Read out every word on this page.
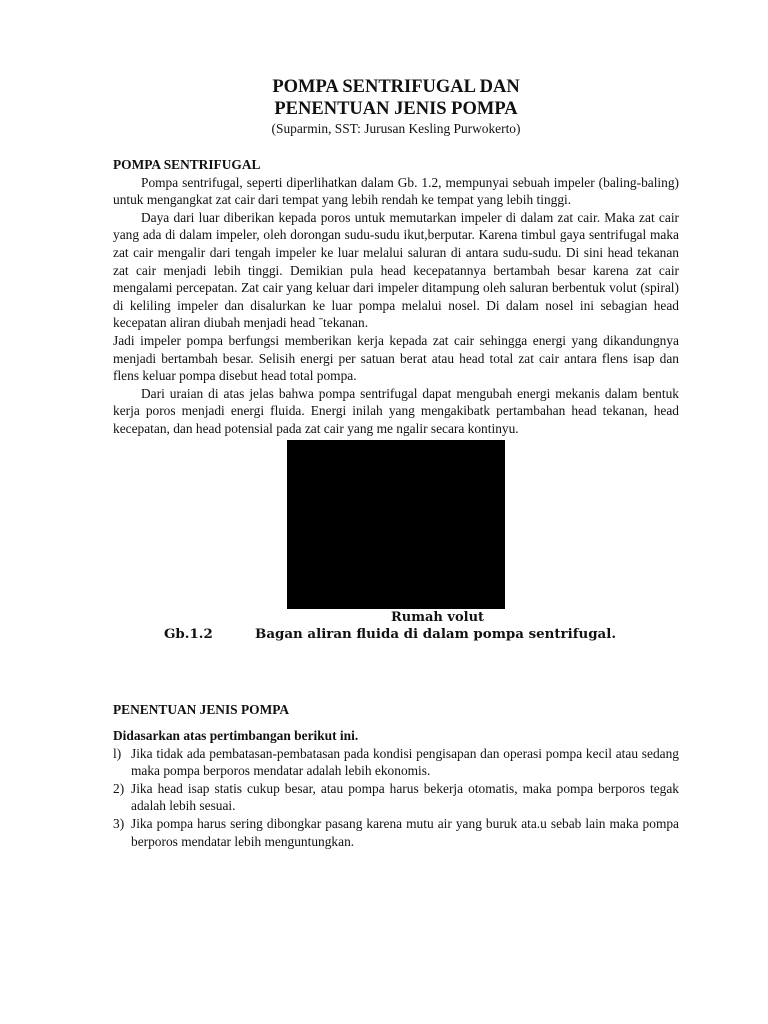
POMPA SENTRIFUGAL DAN
PENENTUAN JENIS POMPA
(Suparmin, SST: Jurusan Kesling Purwokerto)
POMPA SENTRIFUGAL
Pompa sentrifugal, seperti diperlihatkan dalam Gb. 1.2, mempunyai sebuah impeler (baling-baling) untuk mengangkat zat cair dari tempat yang lebih rendah ke tempat yang lebih tinggi.
Daya dari luar diberikan kepada poros untuk memutarkan impeler di dalam zat cair. Maka zat cair yang ada di dalam impeler, oleh dorongan sudu-sudu ikut,berputar. Karena timbul gaya sentrifugal maka zat cair mengalir dari tengah impeler ke luar melalui saluran di antara sudu-sudu. Di sini head tekanan zat cair menjadi lebih tinggi. Demikian pula head kecepatannya bertambah besar karena zat cair mengalami percepatan. Zat cair yang keluar dari impeler ditampung oleh saluran berbentuk volut (spiral) di keliling impeler dan disalurkan ke luar pompa melalui nosel. Di dalam nosel ini sebagian head kecepatan aliran diubah menjadi head ˉtekanan.
Jadi impeler pompa berfungsi memberikan kerja kepada zat cair sehingga energi yang dikandungnya menjadi bertambah besar. Selisih energi per satuan berat atau head total zat cair antara flens isap dan flens keluar pompa disebut head total pompa.
Dari uraian di atas jelas bahwa pompa sentrifugal dapat mengubah energi mekanis dalam bentuk kerja poros menjadi energi fluida. Energi inilah yang mengakibatk pertambahan head tekanan, head kecepatan, dan head potensial pada zat cair yang me ngalir secara kontinyu.
Rumah volut
Gb.1.2	Bagan aliran fluida di dalam pompa sentrifugal.
PENENTUAN JENIS POMPA
Didasarkan atas pertimbangan berikut ini.
l) Jika tidak ada pembatasan-pembatasan pada kondisi pengisapan dan operasi pompa kecil atau sedang maka pompa berporos mendatar adalah lebih ekonomis.
2) Jika head isap statis cukup besar, atau pompa harus bekerja otomatis, maka pompa berporos tegak adalah lebih sesuai.
3) Jika pompa harus sering dibongkar pasang karena mutu air yang buruk ata.u sebab lain maka pompa berporos mendatar lebih menguntungkan.
